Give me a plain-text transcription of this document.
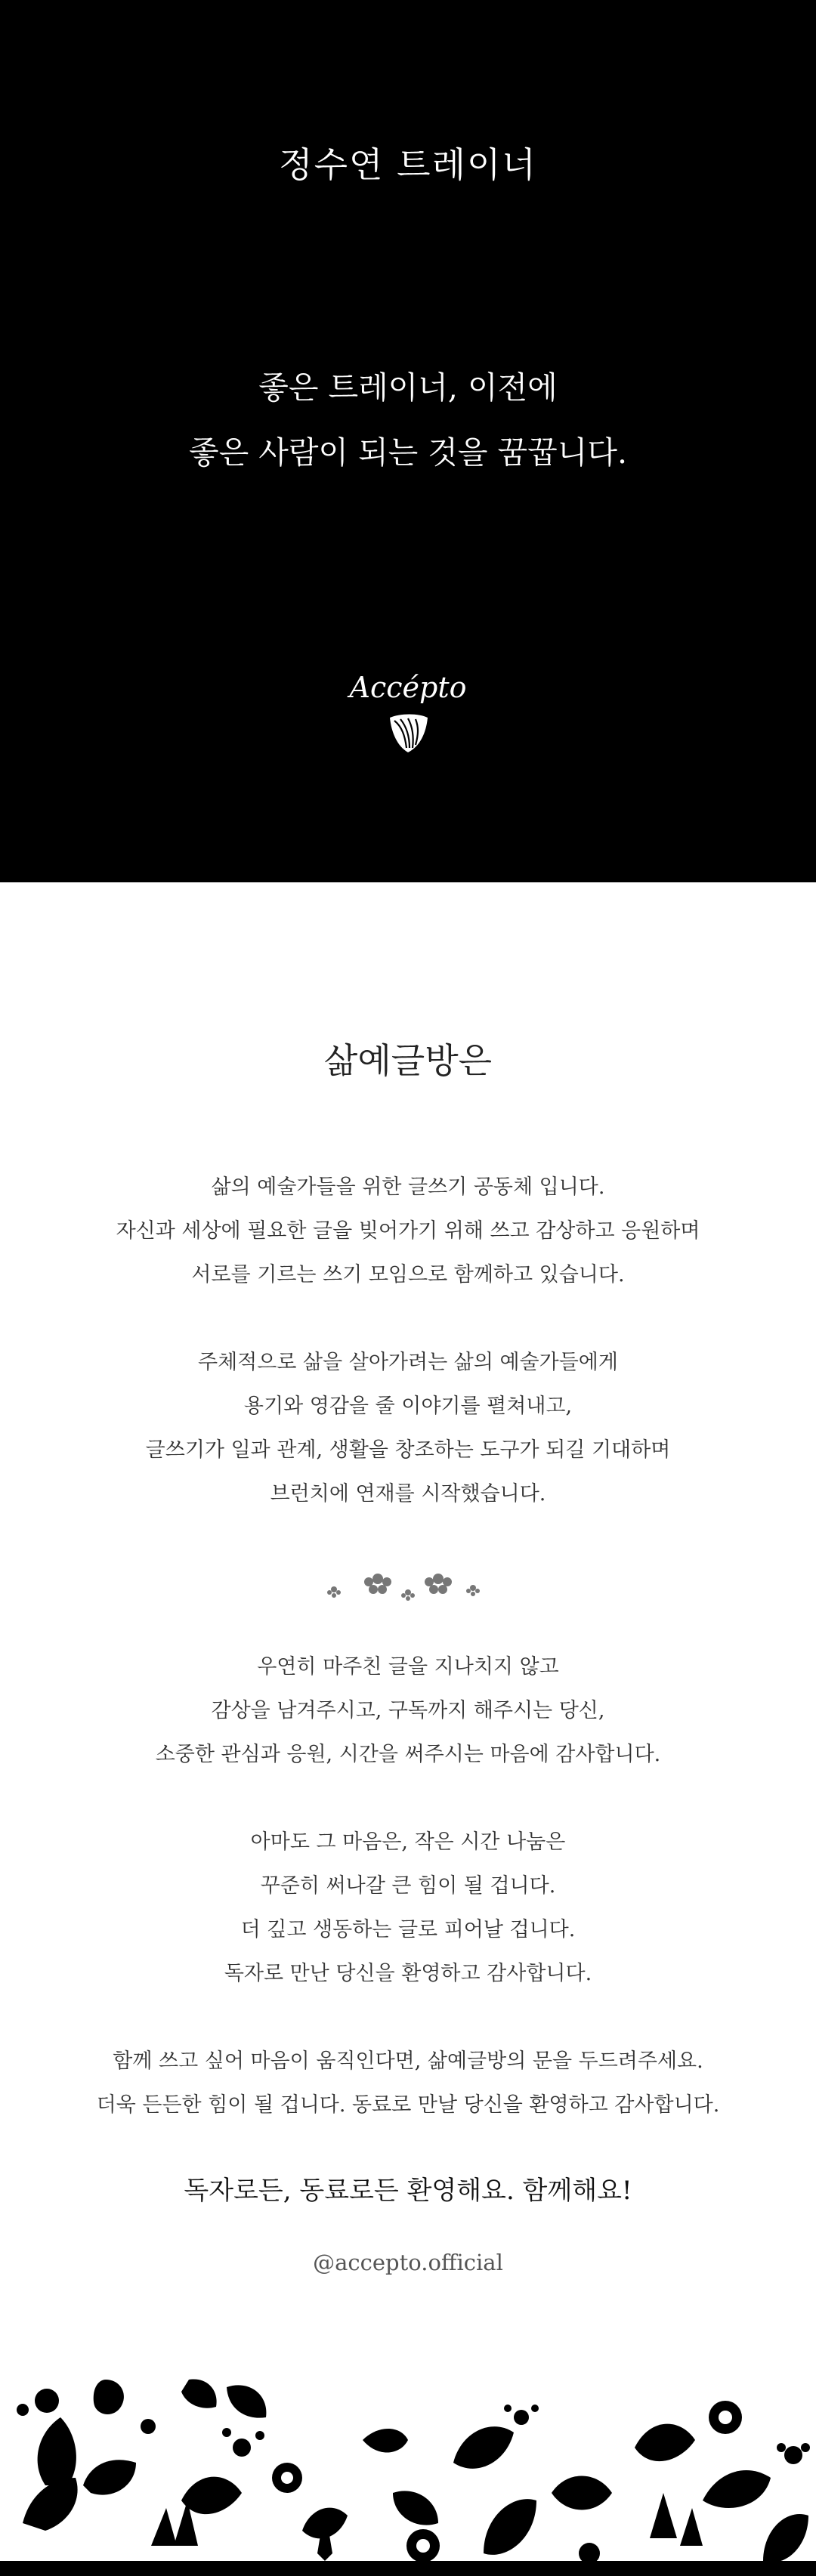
정수연 트레이너
좋은 트레이너, 이전에
좋은 사람이 되는 것을 꿈꿉니다.
Accépto
삶예글방은
삶의 예술가들을 위한 글쓰기 공동체 입니다.
자신과 세상에 필요한 글을 빚어가기 위해 쓰고 감상하고 응원하며
서로를 기르는 쓰기 모임으로 함께하고 있습니다.
주체적으로 삶을 살아가려는 삶의 예술가들에게
용기와 영감을 줄 이야기를 펼쳐내고,
글쓰기가 일과 관계, 생활을 창조하는 도구가 되길 기대하며
브런치에 연재를 시작했습니다.
우연히 마주친 글을 지나치지 않고
감상을 남겨주시고, 구독까지 해주시는 당신,
소중한 관심과 응원, 시간을 써주시는 마음에 감사합니다.
아마도 그 마음은, 작은 시간 나눔은
꾸준히 써나갈 큰 힘이 될 겁니다.
더 깊고 생동하는 글로 피어날 겁니다.
독자로 만난 당신을 환영하고 감사합니다.
함께 쓰고 싶어 마음이 움직인다면, 삶예글방의 문을 두드려주세요.
더욱 든든한 힘이 될 겁니다. 동료로 만날 당신을 환영하고 감사합니다.
독자로든, 동료로든 환영해요. 함께해요!
@accepto.official
